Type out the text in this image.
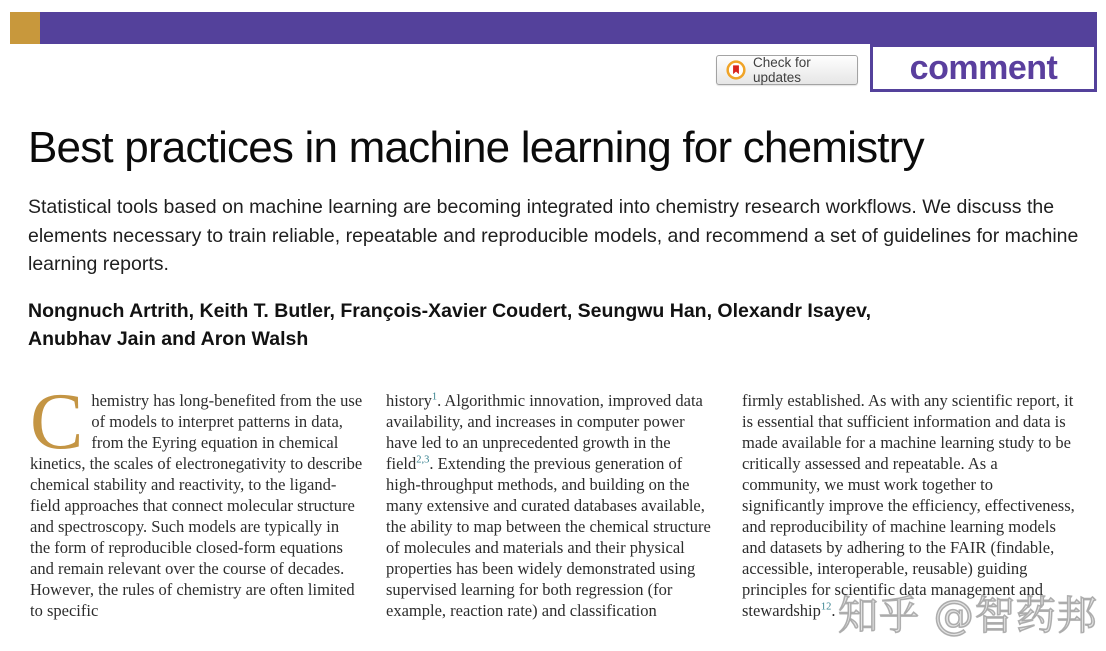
Check for updates	comment
Best practices in machine learning for chemistry

Statistical tools based on machine learning are becoming integrated into chemistry research workflows. We discuss the elements necessary to train reliable, repeatable and reproducible models, and recommend a set of guidelines for machine learning reports.

Nongnuch Artrith, Keith T. Butler, François-Xavier Coudert, Seungwu Han, Olexandr Isayev,
Anubhav Jain and Aron Walsh
C hemistry has long-benefited from the use of models to interpret patterns in data, from the Eyring equation in chemical kinetics, the scales of electronegativity to describe chemical stability and reactivity, to the ligand-field approaches that connect molecular structure and spectroscopy. Such models are typically in the form of reproducible closed-form equations and remain relevant over the course of decades. However, the rules of chemistry are often limited to specific
history$^1$. Algorithmic innovation, improved data availability, and increases in computer power have led to an unprecedented growth in the field$^{2,3}$. Extending the previous generation of high-throughput methods, and building on the many extensive and curated databases available, the ability to map between the chemical structure of molecules and materials and their physical properties has been widely demonstrated using supervised learning for both regression (for example, reaction rate) and classification
firmly established. As with any scientific report, it is essential that sufficient information and data is made available for a machine learning study to be critically assessed and repeatable. As a community, we must work together to significantly improve the efficiency, effectiveness, and reproducibility of machine learning models and datasets by adhering to the FAIR (findable, accessible, interoperable, reusable) guiding principles for scientific data management and stewardship$^{12}$. 知乎 @智药邦
